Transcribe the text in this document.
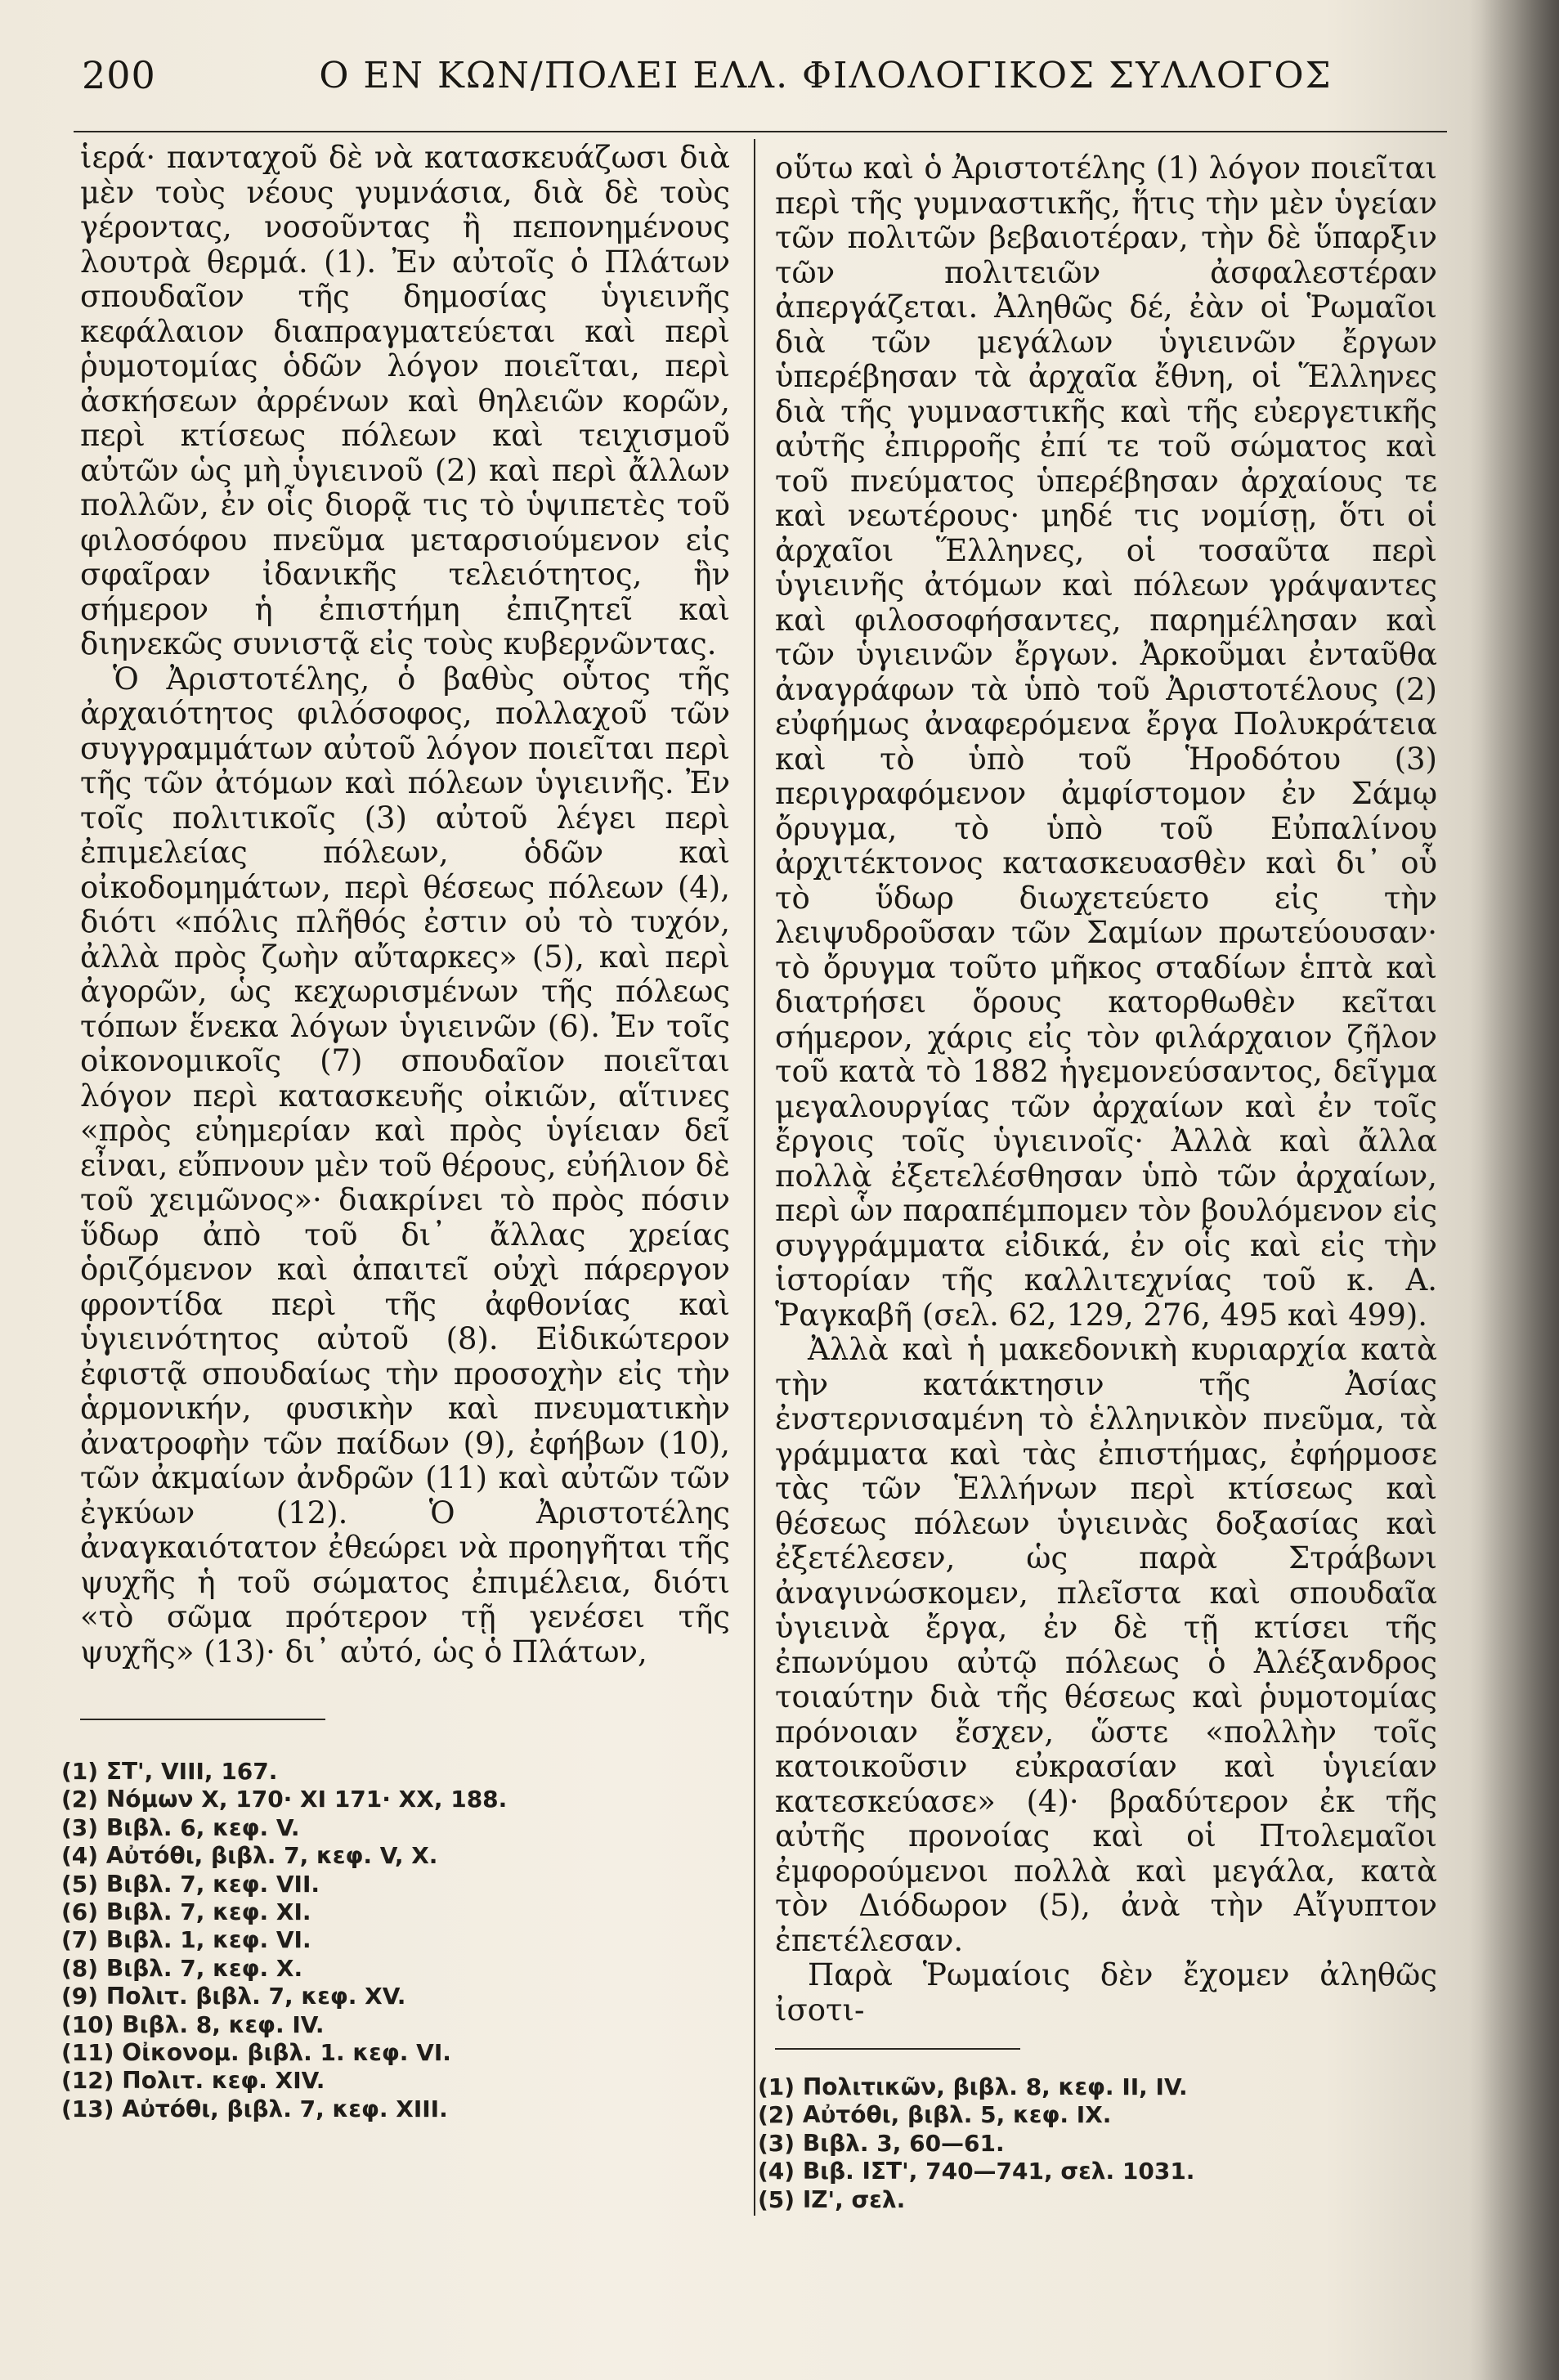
200	Ο ΕΝ ΚΩΝ/ΠΟΛΕΙ ΕΛΛ. ΦΙΛΟΛΟΓΙΚΟΣ ΣΥΛΛΟΓΟΣ

ἱερά· πανταχοῦ δὲ νὰ κατασκευάζωσι διὰ μὲν τοὺς νέους γυμνάσια, διὰ δὲ τοὺς γέροντας, νοσοῦντας ἢ πεπονημένους λουτρὰ θερμά. (1). Ἐν αὐτοῖς ὁ Πλάτων σπουδαῖον τῆς δημοσίας ὑγιεινῆς κεφάλαιον διαπραγματεύεται καὶ περὶ ῥυμοτομίας ὁδῶν λόγον ποιεῖται, περὶ ἀσκήσεων ἀρρένων καὶ θηλειῶν κορῶν, περὶ κτίσεως πόλεων καὶ τειχισμοῦ αὐτῶν ὡς μὴ ὑγιεινοῦ (2) καὶ περὶ ἄλλων πολλῶν, ἐν οἷς διορᾷ τις τὸ ὑψιπετὲς τοῦ φιλοσόφου πνεῦμα μεταρσιούμενον εἰς σφαῖραν ἰδανικῆς τελειότητος, ἣν σήμερον ἡ ἐπιστήμη ἐπιζητεῖ καὶ διηνεκῶς συνιστᾷ εἰς τοὺς κυβερνῶντας.

Ὁ Ἀριστοτέλης, ὁ βαθὺς οὗτος τῆς ἀρχαιότητος φιλόσοφος, πολλαχοῦ τῶν συγγραμμάτων αὐτοῦ λόγον ποιεῖται περὶ τῆς τῶν ἀτόμων καὶ πόλεων ὑγιεινῆς. Ἐν τοῖς πολιτικοῖς (3) αὐτοῦ λέγει περὶ ἐπιμελείας πόλεων, ὁδῶν καὶ οἰκοδομημάτων, περὶ θέσεως πόλεων (4), διότι «πόλις πλῆθός ἐστιν οὐ τὸ τυχόν, ἀλλὰ πρὸς ζωὴν αὔταρκες» (5), καὶ περὶ ἀγορῶν, ὡς κεχωρισμένων τῆς πόλεως τόπων ἕνεκα λόγων ὑγιεινῶν (6). Ἐν τοῖς οἰκονομικοῖς (7) σπουδαῖον ποιεῖται λόγον περὶ κατασκευῆς οἰκιῶν, αἵτινες «πρὸς εὐημερίαν καὶ πρὸς ὑγίειαν δεῖ εἶναι, εὔπνουν μὲν τοῦ θέρους, εὐήλιον δὲ τοῦ χειμῶνος»· διακρίνει τὸ πρὸς πόσιν ὕδωρ ἀπὸ τοῦ δι᾽ ἄλλας χρείας ὁριζόμενον καὶ ἀπαιτεῖ οὐχὶ πάρεργον φροντίδα περὶ τῆς ἀφθονίας καὶ ὑγιεινότητος αὐτοῦ (8). Εἰδικώτερον ἐφιστᾷ σπουδαίως τὴν προσοχὴν εἰς τὴν ἁρμονικήν, φυσικὴν καὶ πνευματικὴν ἀνατροφὴν τῶν παίδων (9), ἐφήβων (10), τῶν ἀκμαίων ἀνδρῶν (11) καὶ αὐτῶν τῶν ἐγκύων (12). Ὁ Ἀριστοτέλης ἀναγκαιότατον ἐθεώρει νὰ προηγῆται τῆς ψυχῆς ἡ τοῦ σώματος ἐπιμέλεια, διότι «τὸ σῶμα πρότερον τῇ γενέσει τῆς ψυχῆς» (13)· δι᾽ αὐτό, ὡς ὁ Πλάτων,

οὕτω καὶ ὁ Ἀριστοτέλης (1) λόγον ποιεῖται περὶ τῆς γυμναστικῆς, ἥτις τὴν μὲν ὑγείαν τῶν πολιτῶν βεβαιοτέραν, τὴν δὲ ὕπαρξιν τῶν πολιτειῶν ἀσφαλεστέραν ἀπεργάζεται. Ἀληθῶς δέ, ἐὰν οἱ Ῥωμαῖοι διὰ τῶν μεγάλων ὑγιεινῶν ἔργων ὑπερέβησαν τὰ ἀρχαῖα ἔθνη, οἱ Ἕλληνες διὰ τῆς γυμναστικῆς καὶ τῆς εὐεργετικῆς αὐτῆς ἐπιρροῆς ἐπί τε τοῦ σώματος καὶ τοῦ πνεύματος ὑπερέβησαν ἀρχαίους τε καὶ νεωτέρους· μηδέ τις νομίσῃ, ὅτι οἱ ἀρχαῖοι Ἕλληνες, οἱ τοσαῦτα περὶ ὑγιεινῆς ἀτόμων καὶ πόλεων γράψαντες καὶ φιλοσοφήσαντες, παρημέλησαν καὶ τῶν ὑγιεινῶν ἔργων. Ἀρκοῦμαι ἐνταῦθα ἀναγράφων τὰ ὑπὸ τοῦ Ἀριστοτέλους (2) εὐφήμως ἀναφερόμενα ἔργα Πολυκράτεια καὶ τὸ ὑπὸ τοῦ Ἡροδότου (3) περιγραφόμενον ἀμφίστομον ἐν Σάμῳ ὄρυγμα, τὸ ὑπὸ τοῦ Εὐπαλίνου ἀρχιτέκτονος κατασκευασθὲν καὶ δι᾽ οὗ τὸ ὕδωρ διωχετεύετο εἰς τὴν λειψυδροῦσαν τῶν Σαμίων πρωτεύουσαν· τὸ ὄρυγμα τοῦτο μῆκος σταδίων ἑπτὰ καὶ διατρήσει ὅρους κατορθωθὲν κεῖται σήμερον, χάρις εἰς τὸν φιλάρχαιον ζῆλον τοῦ κατὰ τὸ 1882 ἡγεμονεύσαντος, δεῖγμα μεγαλουργίας τῶν ἀρχαίων καὶ ἐν τοῖς ἔργοις τοῖς ὑγιεινοῖς· Ἀλλὰ καὶ ἄλλα πολλὰ ἐξετελέσθησαν ὑπὸ τῶν ἀρχαίων, περὶ ὧν παραπέμπομεν τὸν βουλόμενον εἰς συγγράμματα εἰδικά, ἐν οἷς καὶ εἰς τὴν ἱστορίαν τῆς καλλιτεχνίας τοῦ κ. Α. Ῥαγκαβῆ (σελ. 62, 129, 276, 495 καὶ 499).

Ἀλλὰ καὶ ἡ μακεδονικὴ κυριαρχία κατὰ τὴν κατάκτησιν τῆς Ἀσίας ἐνστερνισαμένη τὸ ἑλληνικὸν πνεῦμα, τὰ γράμματα καὶ τὰς ἐπιστήμας, ἐφήρμοσε τὰς τῶν Ἑλλήνων περὶ κτίσεως καὶ θέσεως πόλεων ὑγιεινὰς δοξασίας καὶ ἐξετέλεσεν, ὡς παρὰ Στράβωνι ἀναγινώσκομεν, πλεῖστα καὶ σπουδαῖα ὑγιεινὰ ἔργα, ἐν δὲ τῇ κτίσει τῆς ἐπωνύμου αὐτῷ πόλεως ὁ Ἀλέξανδρος τοιαύτην διὰ τῆς θέσεως καὶ ῥυμοτομίας πρόνοιαν ἔσχεν, ὥστε «πολλὴν τοῖς κατοικοῦσιν εὐκρασίαν καὶ ὑγιείαν κατεσκεύασε» (4)· βραδύτερον ἐκ τῆς αὐτῆς προνοίας καὶ οἱ Πτολεμαῖοι ἐμφορούμενοι πολλὰ καὶ μεγάλα, κατὰ τὸν Διόδωρον (5), ἀνὰ τὴν Αἴγυπτον ἐπετέλεσαν.

Παρὰ Ῥωμαίοις δὲν ἔχομεν ἀληθῶς ἰσοτι-

(1) ΣΤ', VIII, 167.
(2) Νόμων X, 170· XI 171· XX, 188.
(3) Βιβλ. 6, κεφ. V.
(4) Αὐτόθι, βιβλ. 7, κεφ. V, X.
(5) Βιβλ. 7, κεφ. VII.
(6) Βιβλ. 7, κεφ. XI.
(7) Βιβλ. 1, κεφ. VI.
(8) Βιβλ. 7, κεφ. X.
(9) Πολιτ. βιβλ. 7, κεφ. XV.
(10) Βιβλ. 8, κεφ. IV.
(11) Οἰκονομ. βιβλ. 1. κεφ. VI.
(12) Πολιτ. κεφ. XIV.
(13) Αὐτόθι, βιβλ. 7, κεφ. XIII.
(1) Πολιτικῶν, βιβλ. 8, κεφ. II, IV.
(2) Αὐτόθι, βιβλ. 5, κεφ. IX.
(3) Βιβλ. 3, 60—61.
(4) Βιβ. ΙΣΤ', 740—741, σελ. 1031.
(5) ΙΖ', σελ.
